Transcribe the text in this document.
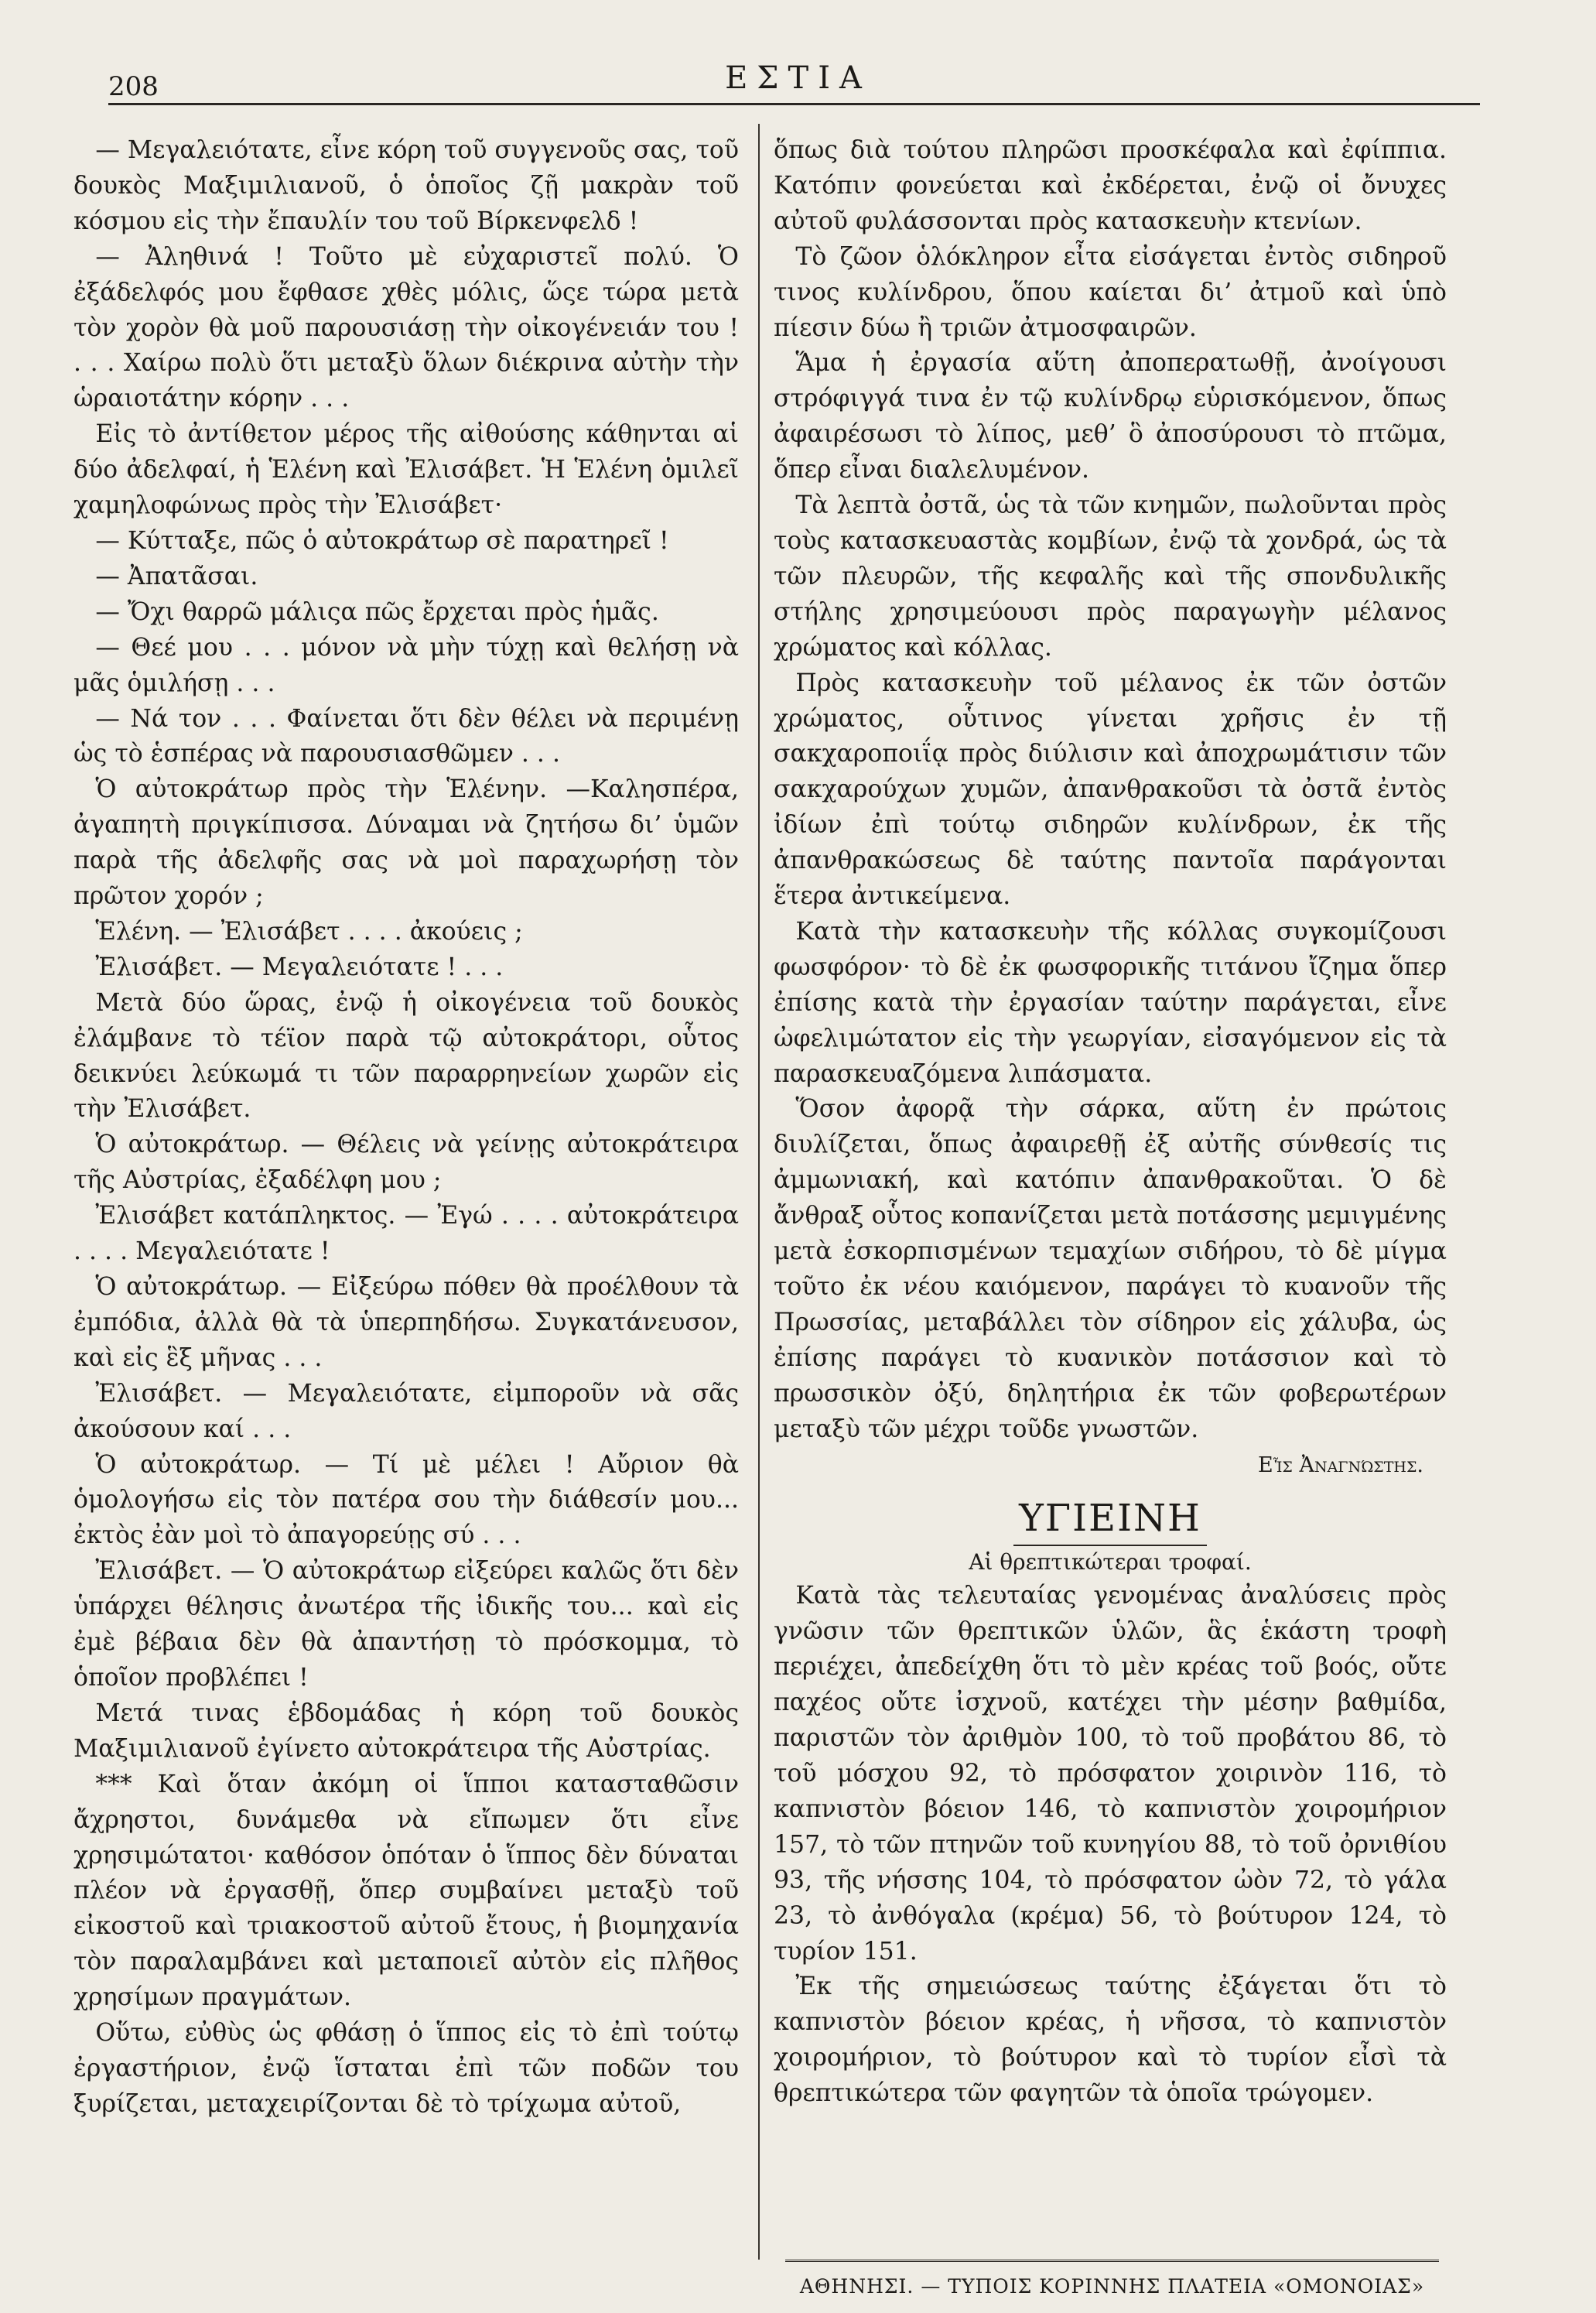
208	ΕΣΤΙΑ

— Μεγαλειότατε, εἶνε κόρη τοῦ συγγενοῦς σας, τοῦ δουκὸς Μαξιμιλιανοῦ, ὁ ὁποῖος ζῇ μακρὰν τοῦ κόσμου εἰς τὴν ἔπαυλίν του τοῦ Βίρκενφελδ !

— Ἀληθινά ! Τοῦτο μὲ εὐχαριστεῖ πολύ. Ὁ ἐξάδελφός μου ἔφθασε χθὲς μόλις, ὥςε τώρα μετὰ τὸν χορὸν θὰ μοῦ παρουσιάσῃ τὴν οἰκογένειάν του ! . . . Χαίρω πολὺ ὅτι μεταξὺ ὅλων διέκρινα αὐτὴν τὴν ὡραιοτάτην κόρην . . .

Εἰς τὸ ἀντίθετον μέρος τῆς αἰθούσης κάθηνται αἱ δύο ἀδελφαί, ἡ Ἑλένη καὶ Ἐλισάβετ. Ἡ Ἑλένη ὁμιλεῖ χαμηλοφώνως πρὸς τὴν Ἐλισάβετ·

— Κύτταξε, πῶς ὁ αὐτοκράτωρ σὲ παρατηρεῖ !

— Ἀπατᾶσαι.

— Ὄχι θαρρῶ μάλιςα πῶς ἔρχεται πρὸς ἡμᾶς.

— Θεέ μου . . . μόνον νὰ μὴν τύχῃ καὶ θελήσῃ νὰ μᾶς ὁμιλήσῃ . . .

— Νά τον . . . Φαίνεται ὅτι δὲν θέλει νὰ περιμένῃ ὡς τὸ ἑσπέρας νὰ παρουσιασθῶμεν . . .

Ὁ αὐτοκράτωρ πρὸς τὴν Ἑλένην. —Καλησπέρα, ἀγαπητὴ πριγκίπισσα. Δύναμαι νὰ ζητήσω δι’ ὑμῶν παρὰ τῆς ἀδελφῆς σας νὰ μοὶ παραχωρήσῃ τὸν πρῶτον χορόν ;

Ἑλένη. — Ἐλισάβετ . . . . ἀκούεις ;

Ἐλισάβετ. — Μεγαλειότατε ! . . .

Μετὰ δύο ὥρας, ἐνῷ ἡ οἰκογένεια τοῦ δουκὸς ἐλάμβανε τὸ τέϊον παρὰ τῷ αὐτοκράτορι, οὗτος δεικνύει λεύκωμά τι τῶν παραρρηνείων χωρῶν εἰς τὴν Ἐλισάβετ.

Ὁ αὐτοκράτωρ. — Θέλεις νὰ γείνῃς αὐτοκράτειρα τῆς Αὐστρίας, ἐξαδέλφη μου ;

Ἐλισάβετ κατάπληκτος. — Ἐγώ . . . . αὐτοκράτειρα . . . . Μεγαλειότατε !

Ὁ αὐτοκράτωρ. — Εἰξεύρω πόθεν θὰ προέλθουν τὰ ἐμπόδια, ἀλλὰ θὰ τὰ ὑπερπηδήσω. Συγκατάνευσον, καὶ εἰς ἓξ μῆνας . . .

Ἐλισάβετ. — Μεγαλειότατε, εἰμποροῦν νὰ σᾶς ἀκούσουν καί . . .

Ὁ αὐτοκράτωρ. — Τί μὲ μέλει ! Αὔριον θὰ ὁμολογήσω εἰς τὸν πατέρα σου τὴν διάθεσίν μου... ἐκτὸς ἐὰν μοὶ τὸ ἀπαγορεύῃς σύ . . .

Ἐλισάβετ. — Ὁ αὐτοκράτωρ εἰξεύρει καλῶς ὅτι δὲν ὑπάρχει θέλησις ἀνωτέρα τῆς ἰδικῆς του... καὶ εἰς ἐμὲ βέβαια δὲν θὰ ἀπαντήσῃ τὸ πρόσκομμα, τὸ ὁποῖον προβλέπει !

Μετά τινας ἑβδομάδας ἡ κόρη τοῦ δουκὸς Μαξιμιλιανοῦ ἐγίνετο αὐτοκράτειρα τῆς Αὐστρίας.

*** Καὶ ὅταν ἀκόμη οἱ ἵπποι κατασταθῶσιν ἄχρηστοι, δυνάμεθα νὰ εἴπωμεν ὅτι εἶνε χρησιμώτατοι· καθόσον ὁπόταν ὁ ἵππος δὲν δύναται πλέον νὰ ἐργασθῇ, ὅπερ συμβαίνει μεταξὺ τοῦ εἰκοστοῦ καὶ τριακοστοῦ αὐτοῦ ἔτους, ἡ βιομηχανία τὸν παραλαμβάνει καὶ μεταποιεῖ αὐτὸν εἰς πλῆθος χρησίμων πραγμάτων.

Οὕτω, εὐθὺς ὡς φθάσῃ ὁ ἵππος εἰς τὸ ἐπὶ τούτῳ ἐργαστήριον, ἐνῷ ἵσταται ἐπὶ τῶν ποδῶν του ξυρίζεται, μεταχειρίζονται δὲ τὸ τρίχωμα αὐτοῦ,

ὅπως διὰ τούτου πληρῶσι προσκέφαλα καὶ ἐφίππια. Κατόπιν φονεύεται καὶ ἐκδέρεται, ἐνῷ οἱ ὄνυχες αὐτοῦ φυλάσσονται πρὸς κατασκευὴν κτενίων.

Τὸ ζῶον ὁλόκληρον εἶτα εἰσάγεται ἐντὸς σιδηροῦ τινος κυλίνδρου, ὅπου καίεται δι’ ἀτμοῦ καὶ ὑπὸ πίεσιν δύω ἢ τριῶν ἀτμοσφαιρῶν.

Ἅμα ἡ ἐργασία αὕτη ἀποπερατωθῇ, ἀνοίγουσι στρόφιγγά τινα ἐν τῷ κυλίνδρῳ εὑρισκόμενον, ὅπως ἀφαιρέσωσι τὸ λίπος, μεθ’ ὃ ἀποσύρουσι τὸ πτῶμα, ὅπερ εἶναι διαλελυμένον.

Τὰ λεπτὰ ὀστᾶ, ὡς τὰ τῶν κνημῶν, πωλοῦνται πρὸς τοὺς κατασκευαστὰς κομβίων, ἐνῷ τὰ χονδρά, ὡς τὰ τῶν πλευρῶν, τῆς κεφαλῆς καὶ τῆς σπονδυλικῆς στήλης χρησιμεύουσι πρὸς παραγωγὴν μέλανος χρώματος καὶ κόλλας.

Πρὸς κατασκευὴν τοῦ μέλανος ἐκ τῶν ὀστῶν χρώματος, οὗτινος γίνεται χρῆσις ἐν τῇ σακχαροποιΐᾳ πρὸς διύλισιν καὶ ἀποχρωμάτισιν τῶν σακχαρούχων χυμῶν, ἀπανθρακοῦσι τὰ ὀστᾶ ἐντὸς ἰδίων ἐπὶ τούτῳ σιδηρῶν κυλίνδρων, ἐκ τῆς ἀπανθρακώσεως δὲ ταύτης παντοῖα παράγονται ἕτερα ἀντικείμενα.

Κατὰ τὴν κατασκευὴν τῆς κόλλας συγκομίζουσι φωσφόρον· τὸ δὲ ἐκ φωσφορικῆς τιτάνου ἴζημα ὅπερ ἐπίσης κατὰ τὴν ἐργασίαν ταύτην παράγεται, εἶνε ὠφελιμώτατον εἰς τὴν γεωργίαν, εἰσαγόμενον εἰς τὰ παρασκευαζόμενα λιπάσματα.

Ὅσον ἀφορᾷ τὴν σάρκα, αὕτη ἐν πρώτοις διυλίζεται, ὅπως ἀφαιρεθῇ ἐξ αὐτῆς σύνθεσίς τις ἀμμωνιακή, καὶ κατόπιν ἀπανθρακοῦται. Ὁ δὲ ἄνθραξ οὗτος κοπανίζεται μετὰ ποτάσσης μεμιγμένης μετὰ ἐσκορπισμένων τεμαχίων σιδήρου, τὸ δὲ μίγμα τοῦτο ἐκ νέου καιόμενον, παράγει τὸ κυανοῦν τῆς Πρωσσίας, μεταβάλλει τὸν σίδηρον εἰς χάλυβα, ὡς ἐπίσης παράγει τὸ κυανικὸν ποτάσσιον καὶ τὸ πρωσσικὸν ὀξύ, δηλητήρια ἐκ τῶν φοβερωτέρων μεταξὺ τῶν μέχρι τοῦδε γνωστῶν.

Εἷς Ἀναγνώστης.
ΥΓΙΕΙΝΗ
Αἱ θρεπτικώτεραι τροφαί.

Κατὰ τὰς τελευταίας γενομένας ἀναλύσεις πρὸς γνῶσιν τῶν θρεπτικῶν ὑλῶν, ἃς ἑκάστη τροφὴ περιέχει, ἀπεδείχθη ὅτι τὸ μὲν κρέας τοῦ βοός, οὔτε παχέος οὔτε ἰσχνοῦ, κατέχει τὴν μέσην βαθμίδα, παριστῶν τὸν ἀριθμὸν 100, τὸ τοῦ προβάτου 86, τὸ τοῦ μόσχου 92, τὸ πρόσφατον χοιρινὸν 116, τὸ καπνιστὸν βόειον 146, τὸ καπνιστὸν χοιρομήριον 157, τὸ τῶν πτηνῶν τοῦ κυνηγίου 88, τὸ τοῦ ὀρνιθίου 93, τῆς νήσσης 104, τὸ πρόσφατον ὠὸν 72, τὸ γάλα 23, τὸ ἀνθόγαλα (κρέμα) 56, τὸ βούτυρον 124, τὸ τυρίον 151.

Ἐκ τῆς σημειώσεως ταύτης ἐξάγεται ὅτι τὸ καπνιστὸν βόειον κρέας, ἡ νῆσσα, τὸ καπνιστὸν χοιρομήριον, τὸ βούτυρον καὶ τὸ τυρίον εἶσὶ τὰ θρεπτικώτερα τῶν φαγητῶν τὰ ὁποῖα τρώγομεν.

ΑΘΗΝΗΣΙ. — ΤΥΠΟΙΣ ΚΟΡΙΝΝΗΣ ΠΛΑΤΕΙΑ «ΟΜΟΝΟΙΑΣ»
